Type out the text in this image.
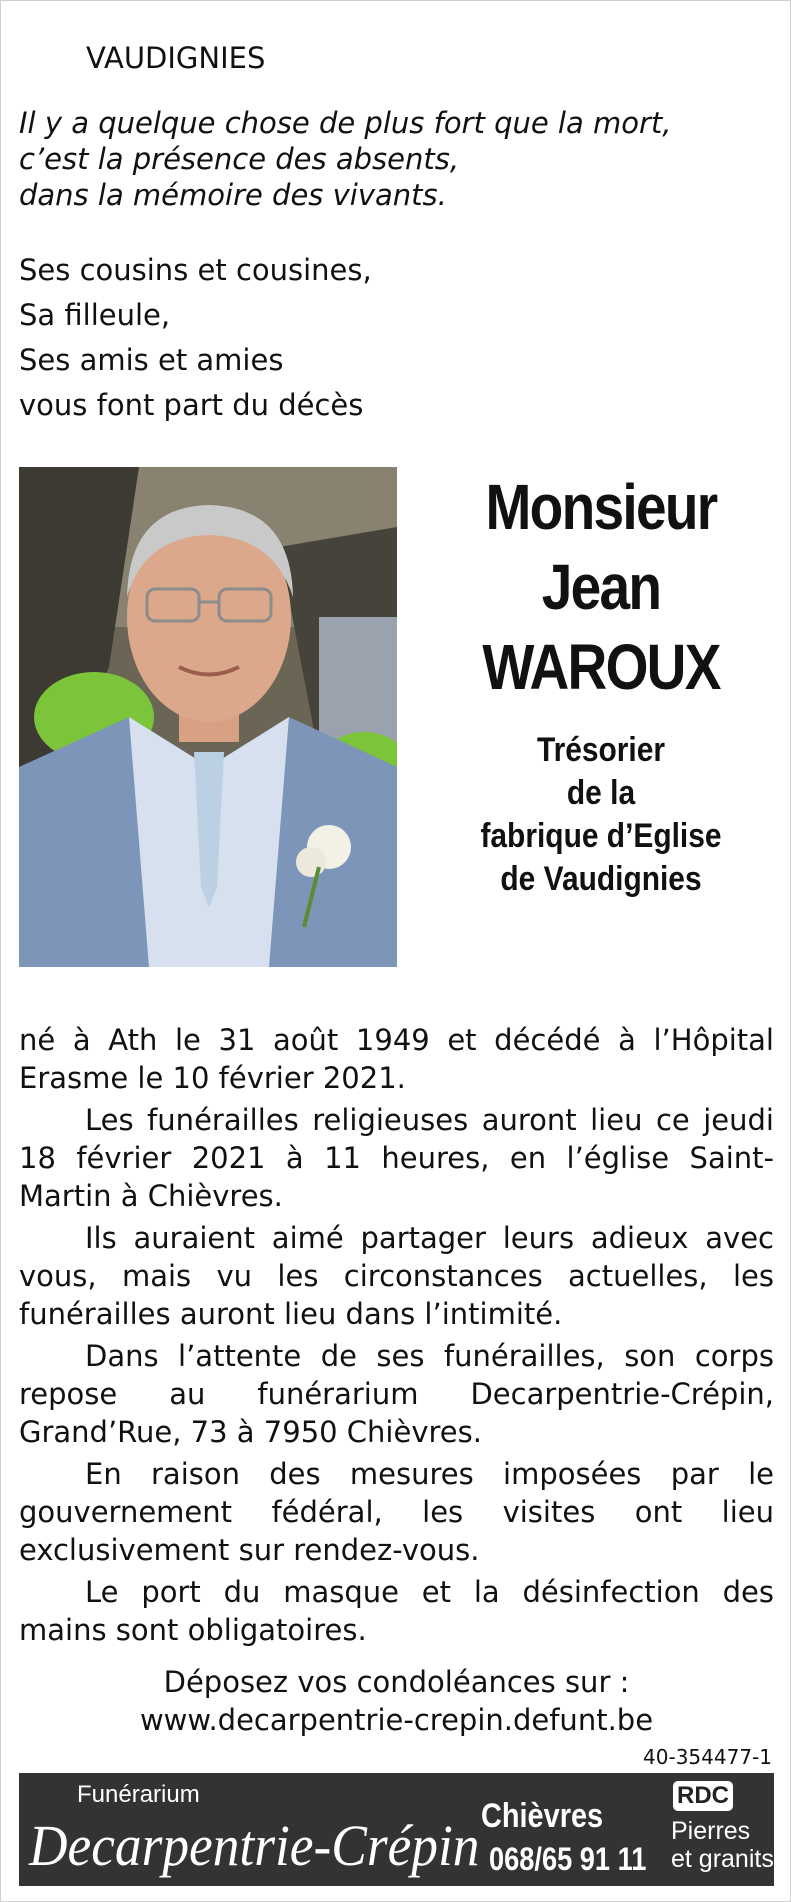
VAUDIGNIES
Il y a quelque chose de plus fort que la mort,
c’est la présence des absents,
dans la mémoire des vivants.
Ses cousins et cousines,
Sa filleule,
Ses amis et amies
vous font part du décès
Monsieur
Jean
WAROUX
Trésorier
de la
fabrique d’Eglise
de Vaudignies

né à Ath le 31 août 1949 et décédé à l’Hôpital Erasme le 10 février 2021.

Les funérailles religieuses auront lieu ce jeudi 18 février 2021 à 11 heures, en l’église Saint-Martin à Chièvres.

Ils auraient aimé partager leurs adieux avec vous, mais vu les circonstances actuelles, les funérailles auront lieu dans l’intimité.

Dans l’attente de ses funérailles, son corps repose au funérarium Decarpentrie-Crépin, Grand’Rue, 73 à 7950 Chièvres.

En raison des mesures imposées par le gouvernement fédéral, les visites ont lieu exclusivement sur rendez-vous.

Le port du masque et la désinfection des mains sont obligatoires.

Déposez vos condoléances sur :
www.decarpentrie-crepin.defunt.be
40-354477-1
Funérarium
Decarpentrie-Crépin Chièvres
068/65 91 11
RDC
Pierres
et granits
